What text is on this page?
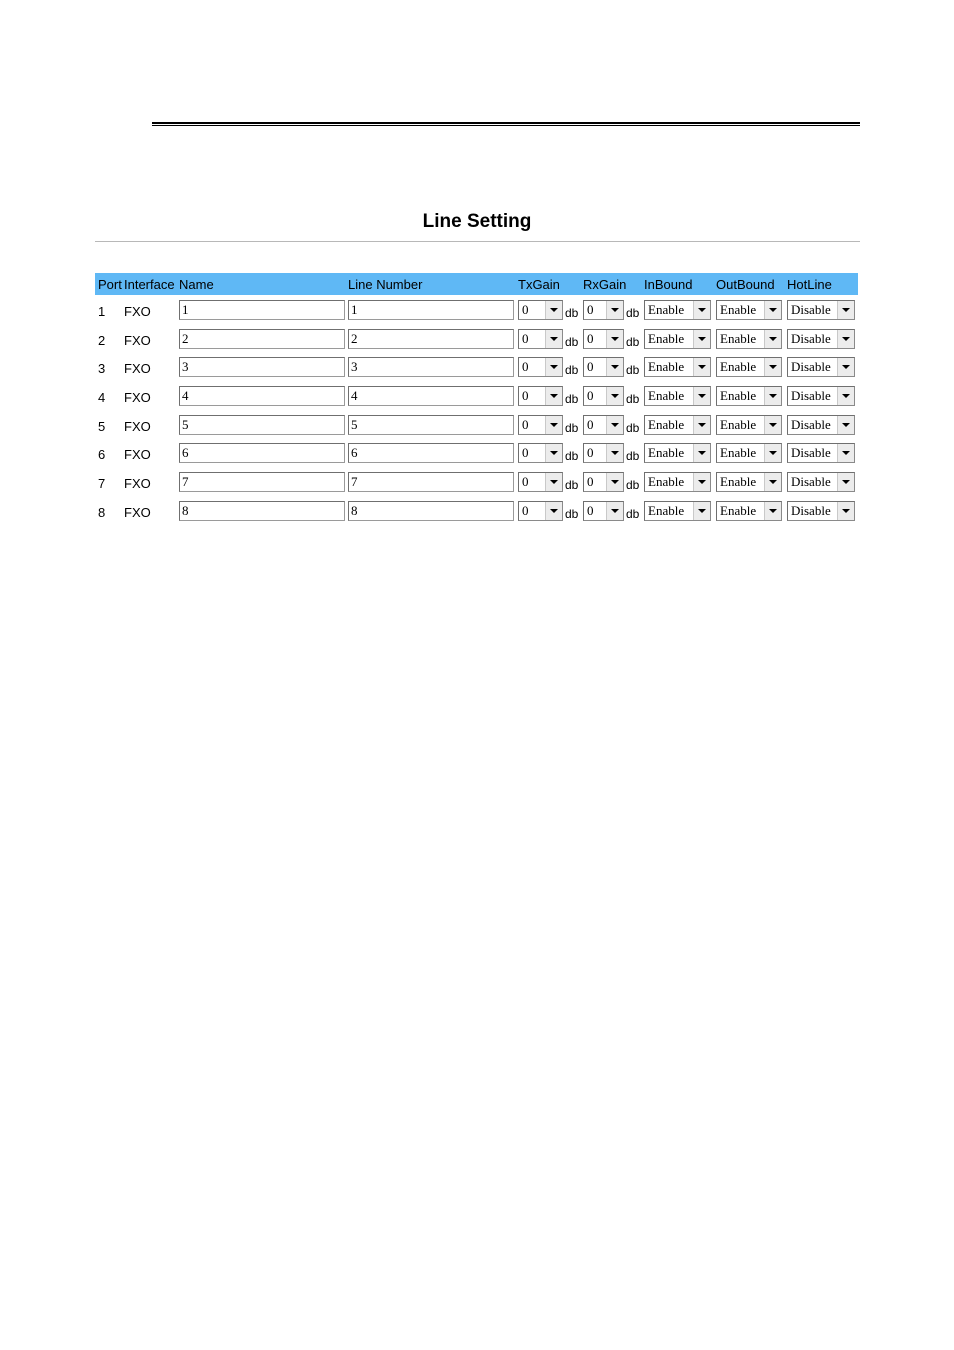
Line Setting
Port Interface Name	Line Number	TxGain RxGain InBound OutBound HotLine
1 FXO 1	1	0	db 0	db Enable	Enable	Disable
2 FXO 2	2	0	db 0	db Enable	Enable	Disable
3 FXO 3	3	0	db 0	db Enable	Enable	Disable
4 FXO 4	4	0	db 0	db Enable	Enable	Disable
5 FXO 5	5	0	db 0	db Enable	Enable	Disable
6 FXO 6	6	0	db 0	db Enable	Enable	Disable
7 FXO 7	7	0	db 0	db Enable	Enable	Disable
8 FXO 8	8	0	db 0	db Enable	Enable	Disable
